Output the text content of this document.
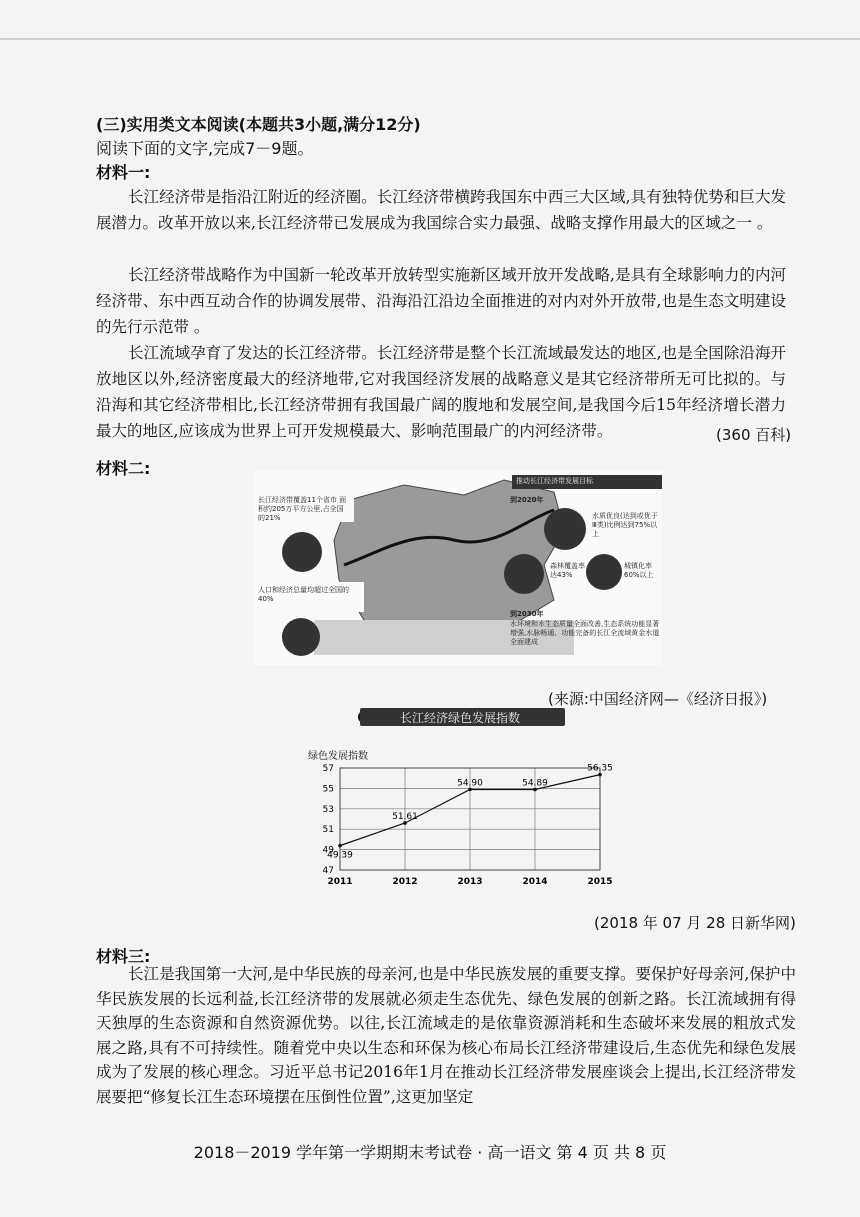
(三)实用类文本阅读(本题共3小题,满分12分)
阅读下面的文字,完成7－9题。
材料一:
长江经济带是指沿江附近的经济圈。长江经济带横跨我国东中西三大区域,具有独特优势和巨大发展潜力。改革开放以来,长江经济带已发展成为我国综合实力最强、战略支撑作用最大的区域之一 。
长江经济带战略作为中国新一轮改革开放转型实施新区域开放开发战略,是具有全球影响力的内河经济带、东中西互动合作的协调发展带、沿海沿江沿边全面推进的对内对外开放带,也是生态文明建设的先行示范带 。
长江流域孕育了发达的长江经济带。长江经济带是整个长江流域最发达的地区,也是全国除沿海开放地区以外,经济密度最大的经济地带,它对我国经济发展的战略意义是其它经济带所无可比拟的。与沿海和其它经济带相比,长江经济带拥有我国最广阔的腹地和发展空间,是我国今后15年经济增长潜力最大的地区,应该成为世界上可开发规模最大、影响范围最广的内河经济带。	(360 百科)
材料二:
长江经济带覆盖11个省市 面积约205万平方公里,占全国的21%
人口和经济总量均超过全国的40%
推动长江经济带发展目标
到2020年
水质优良(达到或优于Ⅲ类)比例达到75%以上
森林覆盖率达43%
城镇化率60%以上
到2030年
水环境和水生态质量全面改善,生态系统功能显著增强,水脉畅通、功能完备的长江全流域黄金水道全面建成
(来源:中国经济网—《经济日报》)
长江经济绿色发展指数
绿色发展指数
47
49
51
53
55
57
2011	2012	2013	2014	2015
49.39
51.61
54.90	54.89
56.35
(2018 年 07 月 28 日新华网)
材料三:
长江是我国第一大河,是中华民族的母亲河,也是中华民族发展的重要支撑。要保护好母亲河,保护中华民族发展的长远利益,长江经济带的发展就必须走生态优先、绿色发展的创新之路。长江流域拥有得天独厚的生态资源和自然资源优势。以往,长江流域走的是依靠资源消耗和生态破坏来发展的粗放式发展之路,具有不可持续性。随着党中央以生态和环保为核心布局长江经济带建设后,生态优先和绿色发展成为了发展的核心理念。习近平总书记2016年1月在推动长江经济带发展座谈会上提出,长江经济带发展要把“修复长江生态环境摆在压倒性位置”,这更加坚定
2018－2019 学年第一学期期末考试卷 · 高一语文 第 4 页 共 8 页
